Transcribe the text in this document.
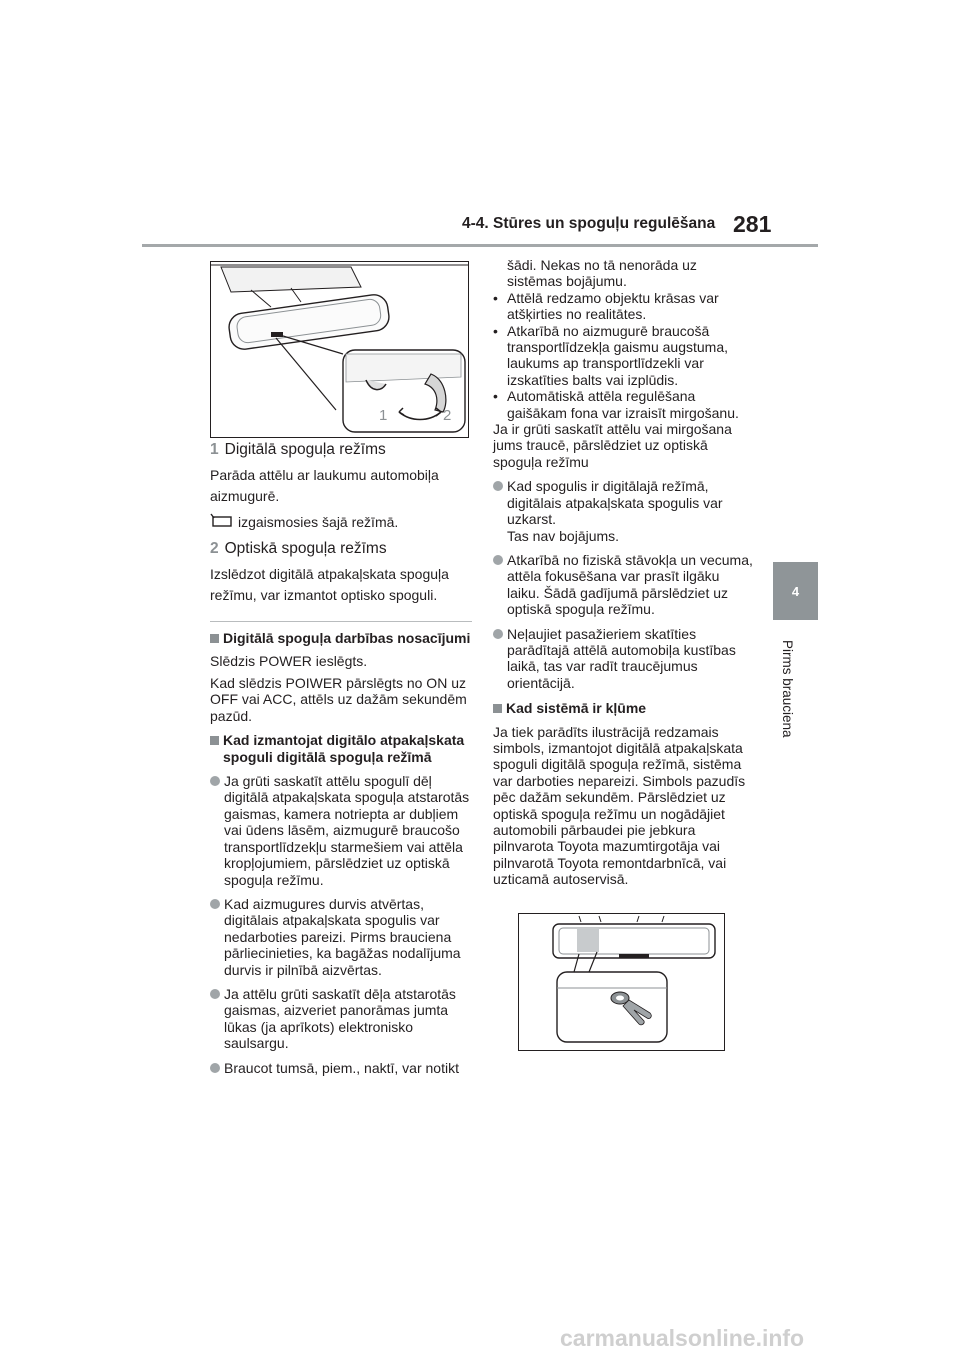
4-4. Stūres un spoguļu regulēšana 281
4
Pirms brauciena
1	2

1 Digitālā spoguļa režīms

Parāda attēlu ar laukumu automobiļa aizmugurē.

izgaismosies šajā režīmā.

2 Optiskā spoguļa režīms

Izslēdzot digitālā atpakaļskata spoguļa režīmu, var izmantot optisko spoguli.

Digitālā spoguļa darbības nosacījumi

Slēdzis POWER ieslēgts.

Kad slēdzis POIWER pārslēgts no ON uz OFF vai ACC, attēls uz dažām sekundēm pazūd.

Kad izmantojat digitālo atpakaļskata spoguli digitālā spoguļa režīmā

Ja grūti saskatīt attēlu spogulī dēļ digitālā atpakaļskata spoguļa atstarotās gaismas, kamera notriepta ar dubļiem vai ūdens lāsēm, aizmugurē braucošo transportlīdzekļu starmešiem vai attēla kropļojumiem, pārslēdziet uz optiskā spoguļa režīmu.
Kad aizmugures durvis atvērtas, digitālais atpakaļskata spogulis var nedarboties pareizi. Pirms brauciena pārliecinieties, ka bagāžas nodalījuma durvis ir pilnībā aizvērtas.
Ja attēlu grūti saskatīt dēļa atstarotās gaismas, aizveriet panorāmas jumta lūkas (ja aprīkots) elektronisko saulsargu.
Braucot tumsā, piem., naktī, var notikt

šādi. Nekas no tā nenorāda uz sistēmas bojājumu.

• Attēlā redzamo objektu krāsas var atšķirties no realitātes.
• Atkarībā no aizmugurē braucošā transportlīdzekļa gaismu augstuma, laukums ap transportlīdzekli var izskatīties balts vai izplūdis.
• Automātiskā attēla regulēšana gaišākam fona var izraisīt mirgošanu.

Ja ir grūti saskatīt attēlu vai mirgošana jums traucē, pārslēdziet uz optiskā spoguļa režīmu

Kad spogulis ir digitālajā režīmā, digitālais atpakaļskata spogulis var uzkarst.
Tas nav bojājums.
Atkarībā no fiziskā stāvokļa un vecuma, attēla fokusēšana var prasīt ilgāku laiku. Šādā gadījumā pārslēdziet uz optiskā spoguļa režīmu.
Neļaujiet pasažieriem skatīties parādītajā attēlā automobiļa kustības laikā, tas var radīt traucējumus orientācijā.

Kad sistēmā ir kļūme

Ja tiek parādīts ilustrācijā redzamais simbols, izmantojot digitālā atpakaļskata spoguli digitālā spoguļa režīmā, sistēma var darboties nepareizi. Simbols pazudīs pēc dažām sekundēm. Pārslēdziet uz optiskā spoguļa režīmu un nogādājiet automobili pārbaudei pie jebkura pilnvarota Toyota mazumtirgotāja vai pilnvarotā Toyota remontdarbnīcā, vai uzticamā autoservisā.

carmanualsonline.info
